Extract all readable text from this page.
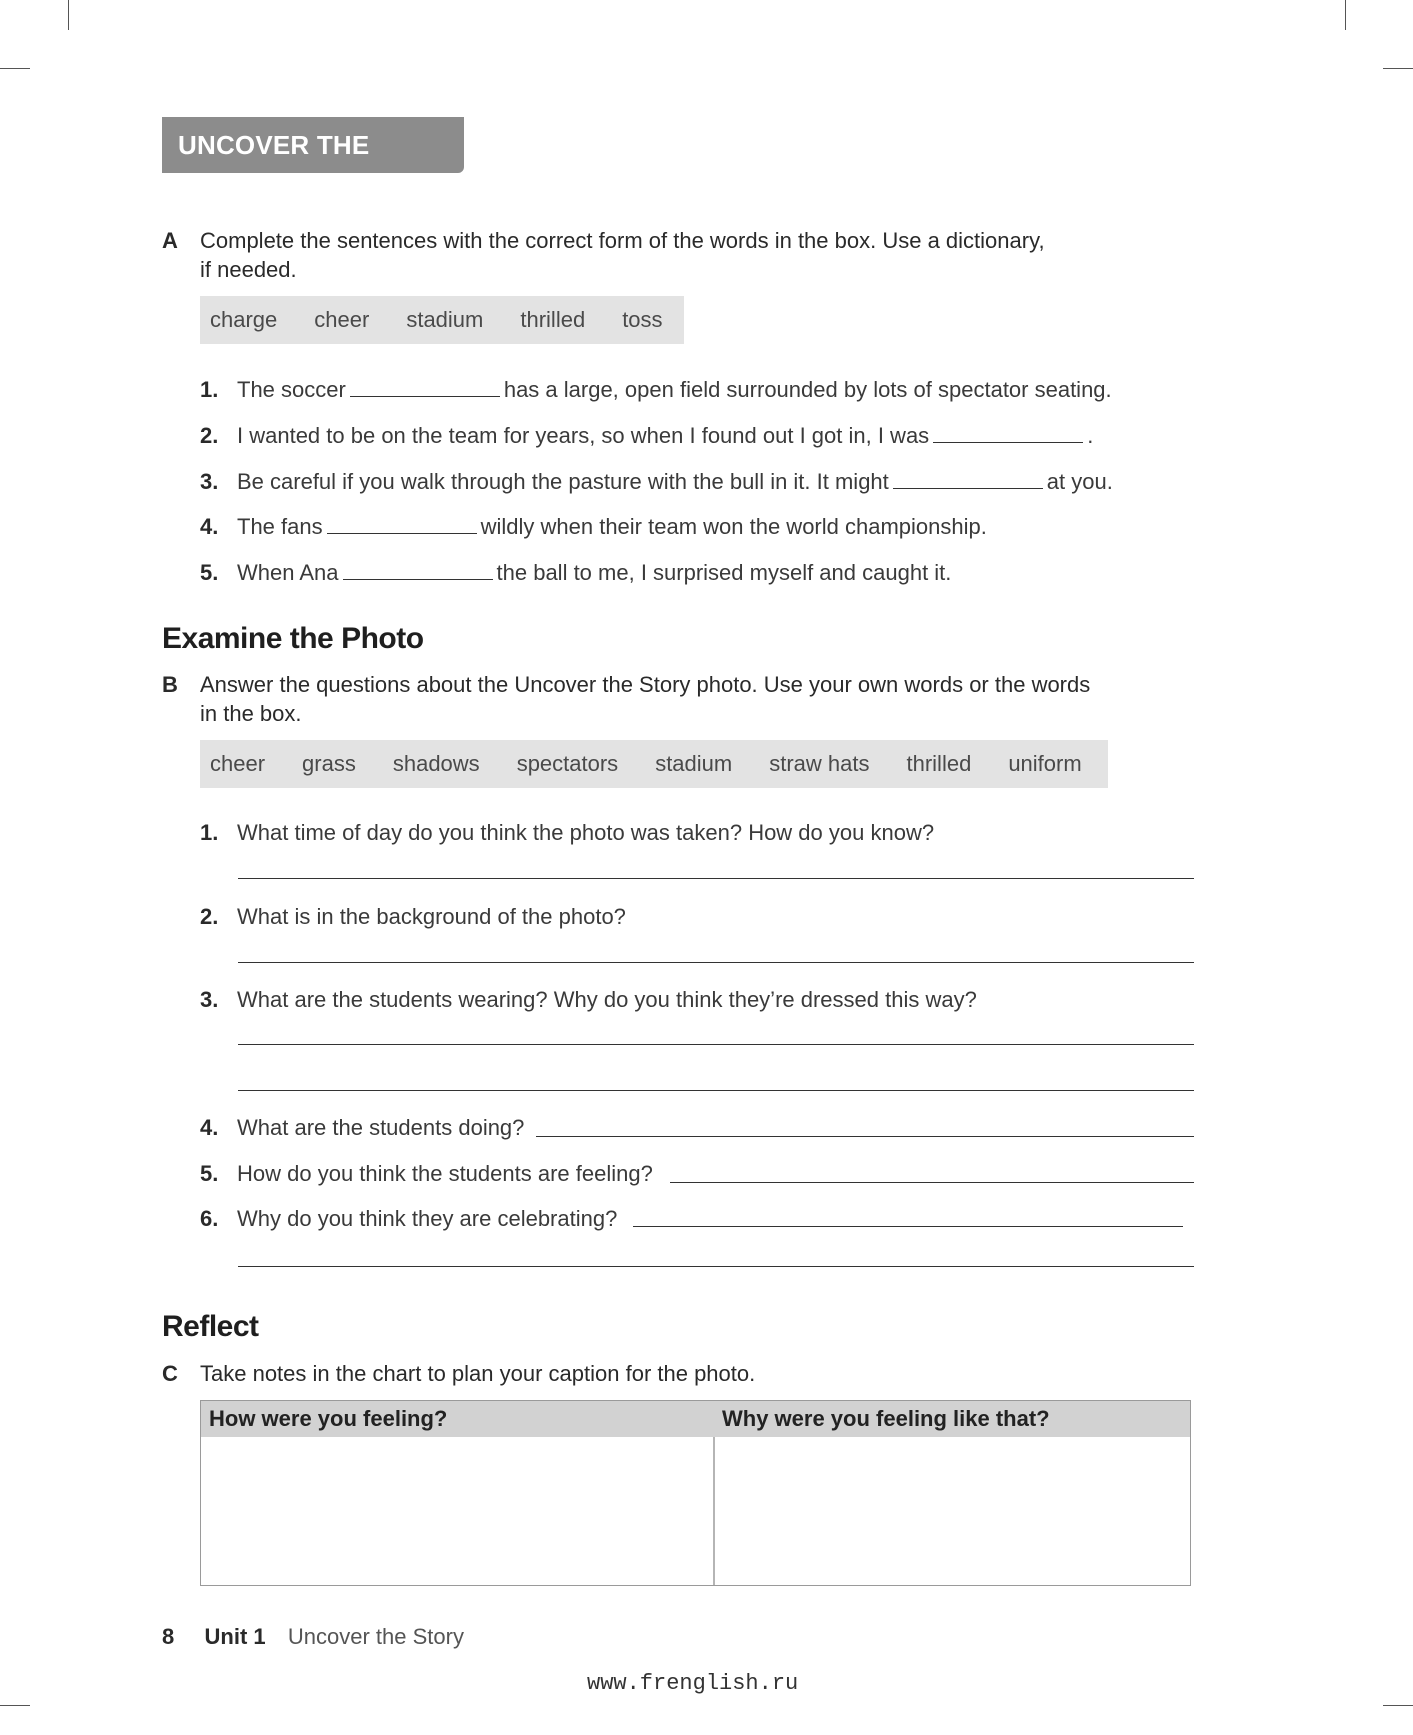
UNCOVER THE STORY
A Complete the sentences with the correct form of the words in the box. Use a dictionary,
if needed.
charge cheer stadium thrilled toss
1. The soccer	has a large, open field surrounded by lots of spectator seating.
2. I wanted to be on the team for years, so when I found out I got in, I was	.
3. Be careful if you walk through the pasture with the bull in it. It might	at you.
4. The fans	wildly when their team won the world championship.
5. When Ana	the ball to me, I surprised myself and caught it.
Examine the Photo
B Answer the questions about the Uncover the Story photo. Use your own words or the words
in the box.
cheer grass shadows spectators stadium straw hats thrilled uniform
1. What time of day do you think the photo was taken? How do you know?
2. What is in the background of the photo?
3. What are the students wearing? Why do you think they’re dressed this way?
4. What are the students doing?
5. How do you think the students are feeling?
6. Why do you think they are celebrating?
Reflect
C Take notes in the chart to plan your caption for the photo.
How were you feeling?	Why were you feeling like that?
8 Unit 1 Uncover the Story
www.frenglish.ru
